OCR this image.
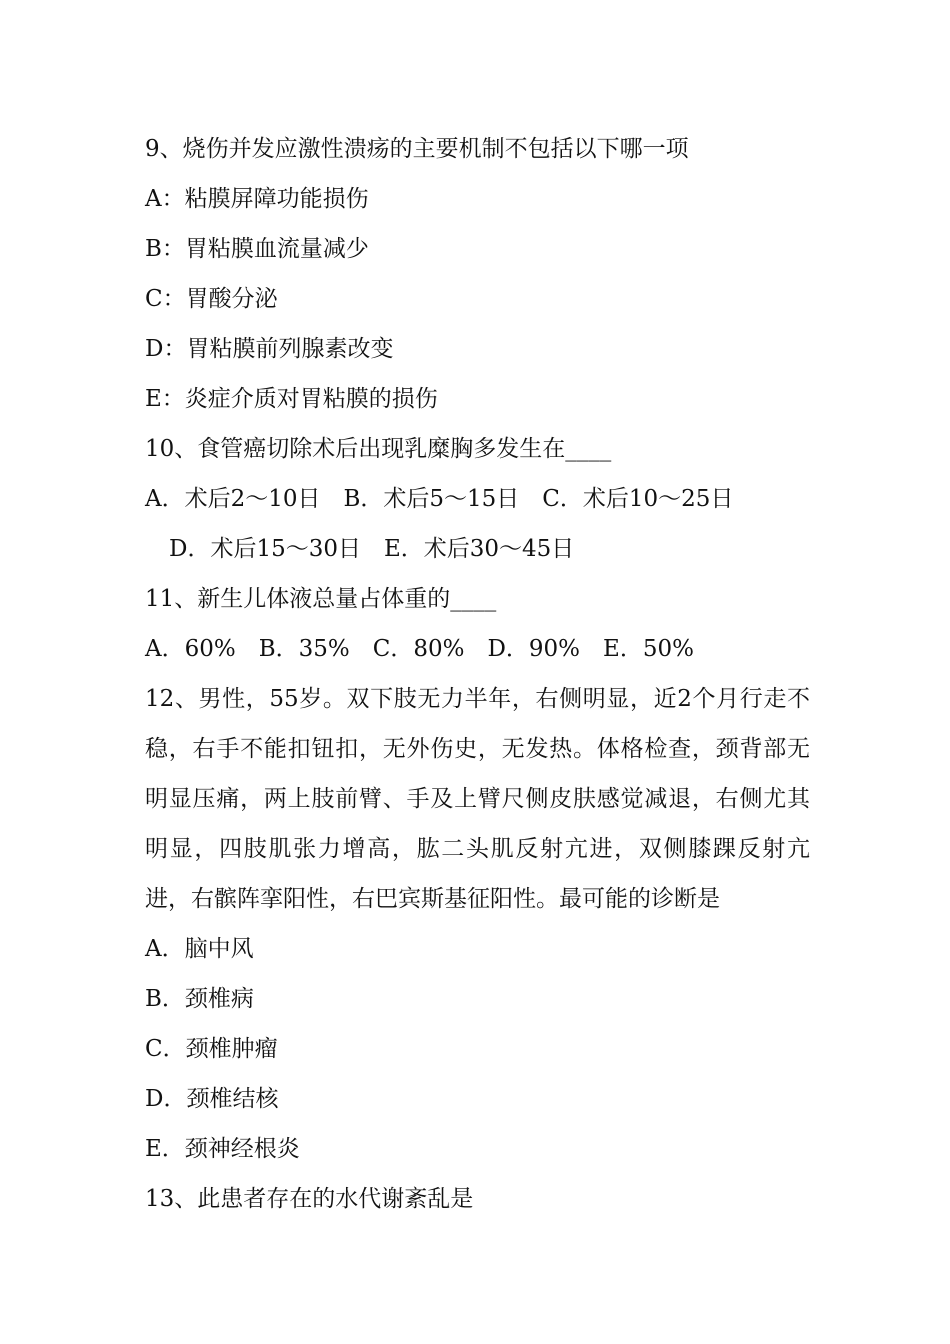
9、烧伤并发应激性溃疡的主要机制不包括以下哪一项
A：粘膜屏障功能损伤
B：胃粘膜血流量减少
C：胃酸分泌
D：胃粘膜前列腺素改变
E：炎症介质对胃粘膜的损伤
10、食管癌切除术后出现乳糜胸多发生在____
A．术后2～10日　B．术后5～15日　C．术后10～25日
D．术后15～30日　E．术后30～45日
11、新生儿体液总量占体重的____
A．60%　B．35%　C．80%　D．90%　E．50%
12、男性，55岁。双下肢无力半年，右侧明显，近2个月行走不稳，右手不能扣钮扣，无外伤史，无发热。体格检查，颈背部无明显压痛，两上肢前臂、手及上臂尺侧皮肤感觉减退，右侧尤其明显，四肢肌张力增高，肱二头肌反射亢进，双侧膝踝反射亢进，右髌阵挛阳性，右巴宾斯基征阳性。最可能的诊断是
A．脑中风
B．颈椎病
C．颈椎肿瘤
D．颈椎结核
E．颈神经根炎
13、此患者存在的水代谢紊乱是
